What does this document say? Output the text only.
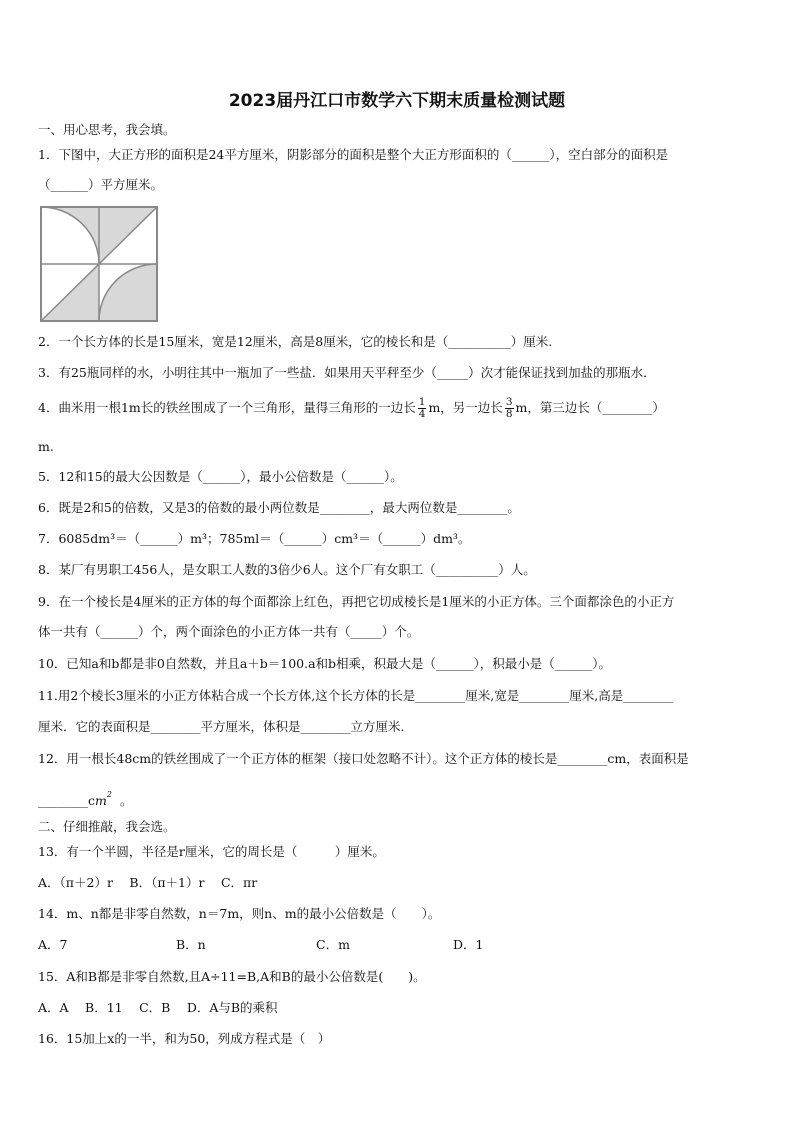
2023届丹江口市数学六下期末质量检测试题
一、用心思考，我会填。
1．下图中，大正方形的面积是24平方厘米，阴影部分的面积是整个大正方形面积的（______），空白部分的面积是
（______）平方厘米。
2．一个长方体的长是15厘米，宽是12厘米，高是8厘米，它的棱长和是（__________）厘米.
3．有25瓶同样的水，小明往其中一瓶加了一些盐．如果用天平秤至少（_____）次才能保证找到加盐的那瓶水．
4．曲米用一根1m长的铁丝围成了一个三角形，量得三角形的一边长 $\frac{1}{4}$ m，另一边长 $\frac{3}{8}$ m，第三边长（________）
m.
5．12和15的最大公因数是（______），最小公倍数是（______）。
6．既是2和5的倍数，又是3的倍数的最小两位数是________，最大两位数是________。
7．6085dm³＝（______）m³；785ml＝（______）cm³＝（______）dm³。
8．某厂有男职工456人，是女职工人数的3倍少6人。这个厂有女职工（__________）人。
9．在一个棱长是4厘米的正方体的每个面都涂上红色，再把它切成棱长是1厘米的小正方体。三个面都涂色的小正方
体一共有（______）个，两个面涂色的小正方体一共有（_____）个。
10．已知a和b都是非0自然数，并且a＋b＝100.a和b相乘，积最大是（______），积最小是（______）。
11.用2个棱长3厘米的小正方体粘合成一个长方体,这个长方体的长是________厘米,宽是________厘米,高是________
厘米．它的表面积是________平方厘米，体积是________立方厘米.
12．用一根长48cm的铁丝围成了一个正方体的框架（接口处忽略不计）。这个正方体的棱长是________cm，表面积是
$\_\_\_\_\_\_\_\_cm^2$ 。
二、仔细推敲，我会选。
13．有一个半圆，半径是r厘米，它的周长是（　　　）厘米。
A．（π＋2）r　 B．（π＋1）r　 C．πr
14．m、n都是非零自然数，n＝7m，则n、m的最小公倍数是（　　）。
A．7	B．n	C．m	D．1
15．A和B都是非零自然数,且A÷11=B,A和B的最小公倍数是(　　)。
A．A　 B．11　 C．B　 D．A与B的乘积
16．15加上x的一半，和为50，列成方程式是（　）
